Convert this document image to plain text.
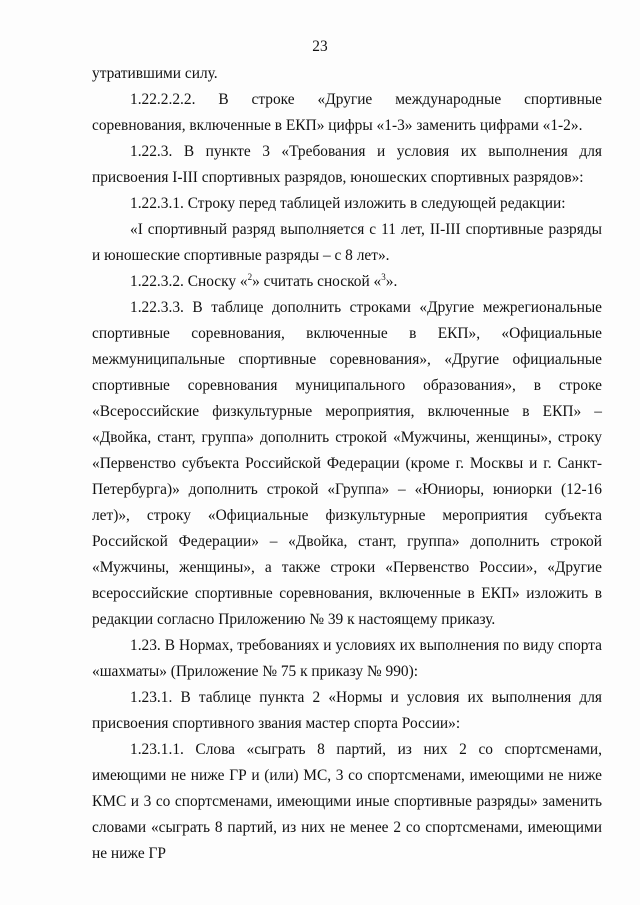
23

утратившими силу.

1.22.2.2.2. В строке «Другие международные спортивные соревнования, включенные в ЕКП» цифры «1-3» заменить цифрами «1-2».

1.22.3. В пункте 3 «Требования и условия их выполнения для присвоения I-III спортивных разрядов, юношеских спортивных разрядов»:

1.22.3.1. Строку перед таблицей изложить в следующей редакции:

«I спортивный разряд выполняется с 11 лет, II-III спортивные разряды и юношеские спортивные разряды – с 8 лет».

1.22.3.2. Сноску «$^2$» считать сноской «$^3$».

1.22.3.3. В таблице дополнить строками «Другие межрегиональные спортивные соревнования, включенные в ЕКП», «Официальные межмуниципальные спортивные соревнования», «Другие официальные спортивные соревнования муниципального образования», в строке «Всероссийские физкультурные мероприятия, включенные в ЕКП» – «Двойка, стант, группа» дополнить строкой «Мужчины, женщины», строку «Первенство субъекта Российской Федерации (кроме г. Москвы и г. Санкт-Петербурга)» дополнить строкой «Группа» – «Юниоры, юниорки (12-16 лет)», строку «Официальные физкультурные мероприятия субъекта Российской Федерации» – «Двойка, стант, группа» дополнить строкой «Мужчины, женщины», а также строки «Первенство России», «Другие всероссийские спортивные соревнования, включенные в ЕКП» изложить в редакции согласно Приложению № 39 к настоящему приказу.

1.23. В Нормах, требованиях и условиях их выполнения по виду спорта «шахматы» (Приложение № 75 к приказу № 990):

1.23.1. В таблице пункта 2 «Нормы и условия их выполнения для присвоения спортивного звания мастер спорта России»:

1.23.1.1. Слова «сыграть 8 партий, из них 2 со спортсменами, имеющими не ниже ГР и (или) МС, 3 со спортсменами, имеющими не ниже КМС и 3 со спортсменами, имеющими иные спортивные разряды» заменить словами «сыграть 8 партий, из них не менее 2 со спортсменами, имеющими не ниже ГР
